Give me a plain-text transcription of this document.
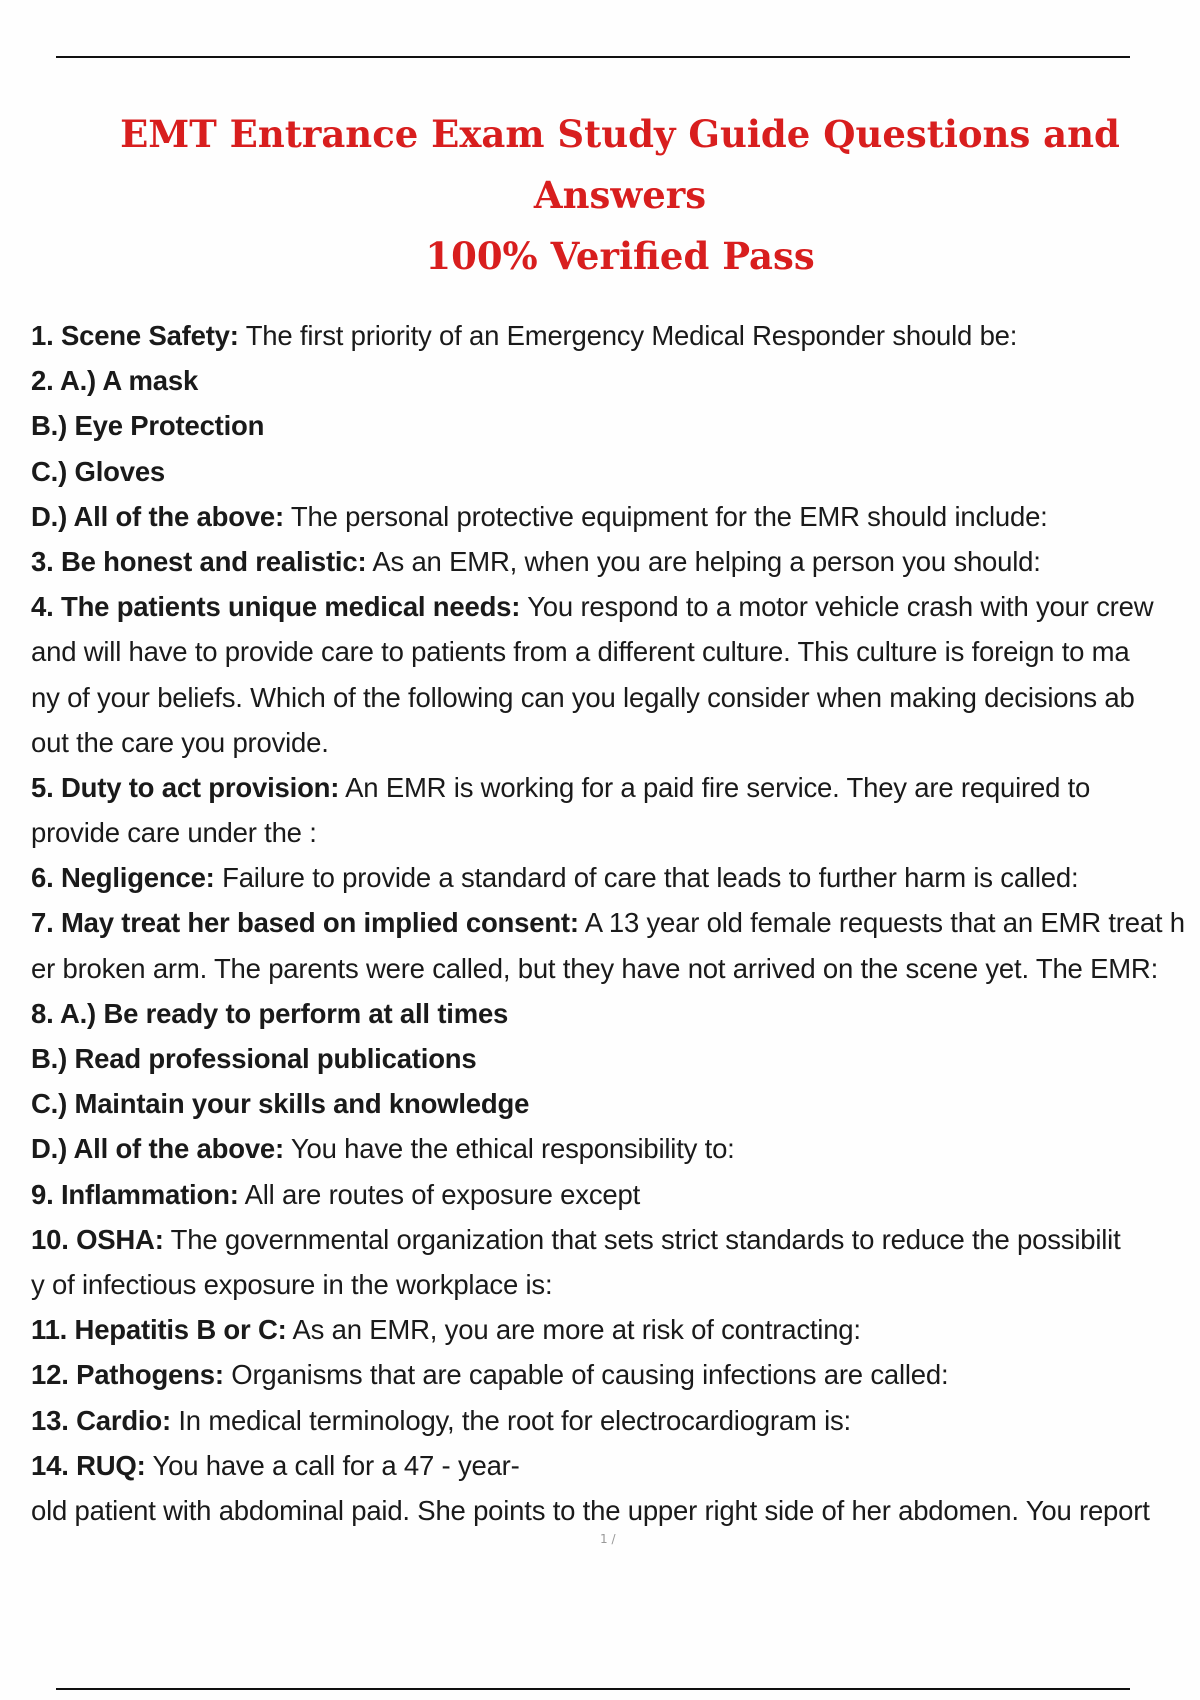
EMT Entrance Exam Study Guide Questions and Answers
100% Verified Pass
1. Scene Safety: The first priority of an Emergency Medical Responder should be:
2. A.) A mask
B.) Eye Protection
C.) Gloves
D.) All of the above: The personal protective equipment for the EMR should include:
3. Be honest and realistic: As an EMR, when you are helping a person you should:
4. The patients unique medical needs: You respond to a motor vehicle crash with your crew
and will have to provide care to patients from a different culture. This culture is foreign to ma
ny of your beliefs. Which of the following can you legally consider when making decisions ab
out the care you provide.
5. Duty to act provision: An EMR is working for a paid fire service. They are required to
provide care under the :
6. Negligence: Failure to provide a standard of care that leads to further harm is called:
7. May treat her based on implied consent: A 13 year old female requests that an EMR treat h
er broken arm. The parents were called, but they have not arrived on the scene yet. The EMR:
8. A.) Be ready to perform at all times
B.) Read professional publications
C.) Maintain your skills and knowledge
D.) All of the above: You have the ethical responsibility to:
9. Inflammation: All are routes of exposure except
10. OSHA: The governmental organization that sets strict standards to reduce the possibilit
y of infectious exposure in the workplace is:
11. Hepatitis B or C: As an EMR, you are more at risk of contracting:
12. Pathogens: Organisms that are capable of causing infections are called:
13. Cardio: In medical terminology, the root for electrocardiogram is:
14. RUQ: You have a call for a 47 - year-
old patient with abdominal paid. She points to the upper right side of her abdomen. You report
1 /
